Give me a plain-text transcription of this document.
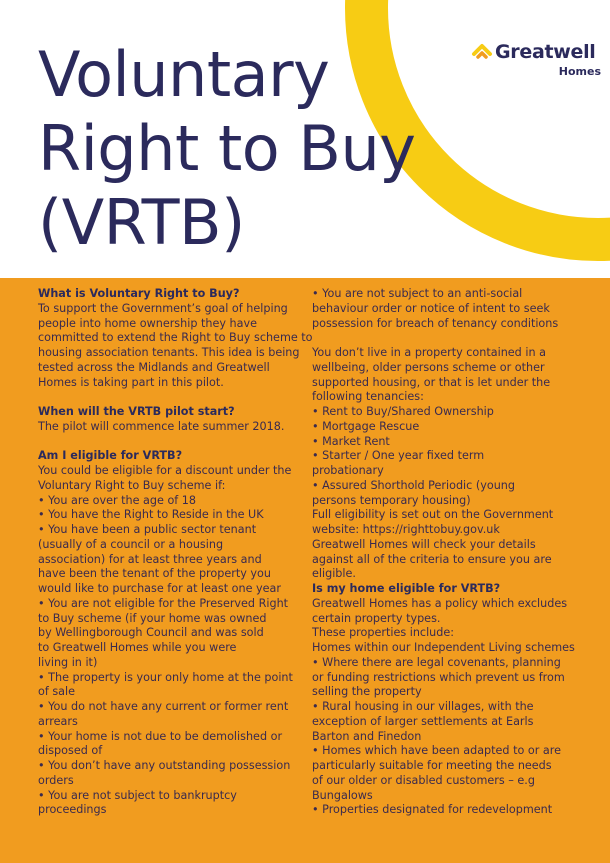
Voluntary
Right to Buy
(VRTB)
Greatwell
Homes

What is Voluntary Right to Buy?

To support the Government’s goal of helping

people into home ownership they have

committed to extend the Right to Buy scheme to

housing association tenants. This idea is being

tested across the Midlands and Greatwell

Homes is taking part in this pilot.

When will the VRTB pilot start?

The pilot will commence late summer 2018.

Am I eligible for VRTB?

You could be eligible for a discount under the

Voluntary Right to Buy scheme if:

• You are over the age of 18

• You have the Right to Reside in the UK

• You have been a public sector tenant

(usually of a council or a housing

association) for at least three years and

have been the tenant of the property you

would like to purchase for at least one year

• You are not eligible for the Preserved Right

to Buy scheme (if your home was owned

by Wellingborough Council and was sold

to Greatwell Homes while you were

living in it)

• The property is your only home at the point

of sale

• You do not have any current or former rent

arrears

• Your home is not due to be demolished or

disposed of

• You don’t have any outstanding possession

orders

• You are not subject to bankruptcy

proceedings

• You are not subject to an anti-social

behaviour order or notice of intent to seek

possession for breach of tenancy conditions

You don’t live in a property contained in a

wellbeing, older persons scheme or other

supported housing, or that is let under the

following tenancies:

• Rent to Buy/Shared Ownership

• Mortgage Rescue

• Market Rent

• Starter / One year fixed term

probationary

• Assured Shorthold Periodic (young

persons temporary housing)

Full eligibility is set out on the Government

website: https://righttobuy.gov.uk

Greatwell Homes will check your details

against all of the criteria to ensure you are

eligible.

Is my home eligible for VRTB?

Greatwell Homes has a policy which excludes

certain property types.

These properties include:

Homes within our Independent Living schemes

• Where there are legal covenants, planning

or funding restrictions which prevent us from

selling the property

• Rural housing in our villages, with the

exception of larger settlements at Earls

Barton and Finedon

• Homes which have been adapted to or are

particularly suitable for meeting the needs

of our older or disabled customers – e.g

Bungalows

• Properties designated for redevelopment
